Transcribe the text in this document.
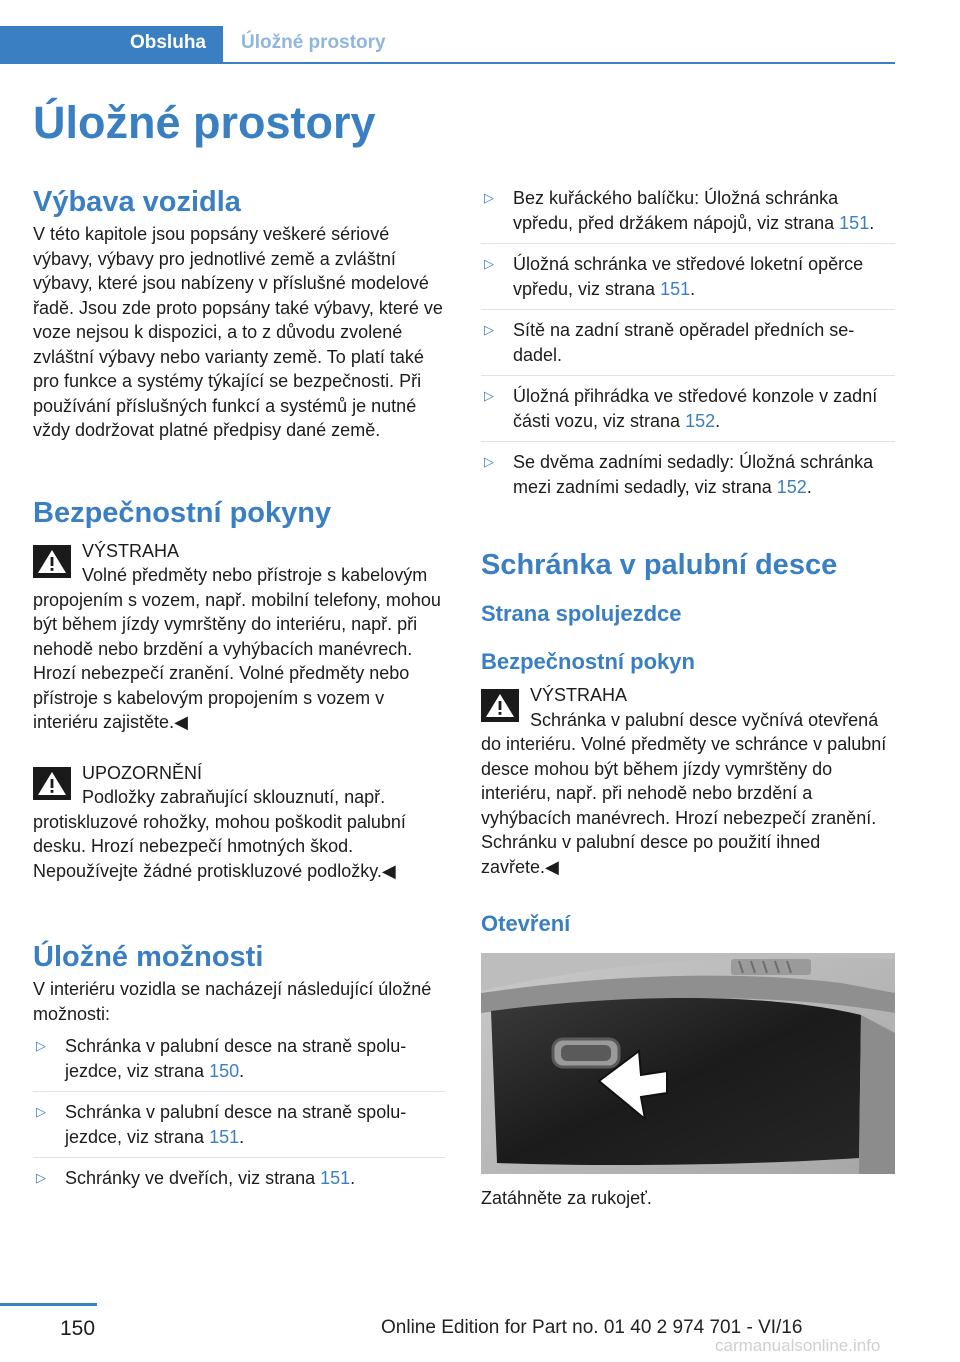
Obsluha Úložné prostory
Úložné prostory
Výbava vozidla

V této kapitole jsou popsány veškeré sériové výbavy, výbavy pro jednotlivé země a zvláštní výbavy, které jsou nabízeny v příslušné modelové řadě. Jsou zde proto popsány také výbavy, které ve voze nejsou k dispozici, a to z důvodu zvolené zvláštní výbavy nebo varianty země. To platí také pro funkce a systémy týkající se bezpečnosti. Při používání příslušných funkcí a systémů je nutné vždy dodržovat platné předpisy dané země.

Bezpečnostní pokyny
VÝSTRAHA

Volné předměty nebo přístroje s kabelovým propojením s vozem, např. mobilní telefony, mohou být během jízdy vymrštěny do interiéru, např. při nehodě nebo brzdění a vyhýbacích manévrech. Hrozí nebezpečí zranění. Volné předměty nebo přístroje s kabelovým propojením s vozem v interiéru zajistěte.◀

UPOZORNĚNÍ

Podložky zabraňující sklouznutí, např. protiskluzové rohožky, mohou poškodit palubní desku. Hrozí nebezpečí hmotných škod. Nepoužívejte žádné protiskluzové podložky.◀

Úložné možnosti

V interiéru vozidla se nacházejí následující úložné možnosti:

▷ Schránka v palubní desce na straně spolujezdce, viz strana 150.
▷ Schránka v palubní desce na straně spolujezdce, viz strana 151.
▷ Schránky ve dveřích, viz strana 151.
▷ Bez kuřáckého balíčku: Úložná schránka vpředu, před držákem nápojů, viz strana 151.
▷ Úložná schránka ve středové loketní opěrce vpředu, viz strana 151.
▷ Sítě na zadní straně opěradel předních sedadel.
▷ Úložná přihrádka ve středové konzole v zadní části vozu, viz strana 152.
▷ Se dvěma zadními sedadly: Úložná schránka mezi zadními sedadly, viz strana 152.
Schránka v palubní desce
Strana spolujezdce
Bezpečnostní pokyn
VÝSTRAHA

Schránka v palubní desce vyčnívá otevřená do interiéru. Volné předměty ve schránce v palubní desce mohou být během jízdy vymrštěny do interiéru, např. při nehodě nebo brzdění a vyhýbacích manévrech. Hrozí nebezpečí zranění. Schránku v palubní desce po použití ihned zavřete.◀

Otevření

Zatáhněte za rukojeť.

150	Online Edition for Part no. 01 40 2 974 701 - VI/16
carmanualsonline.info
